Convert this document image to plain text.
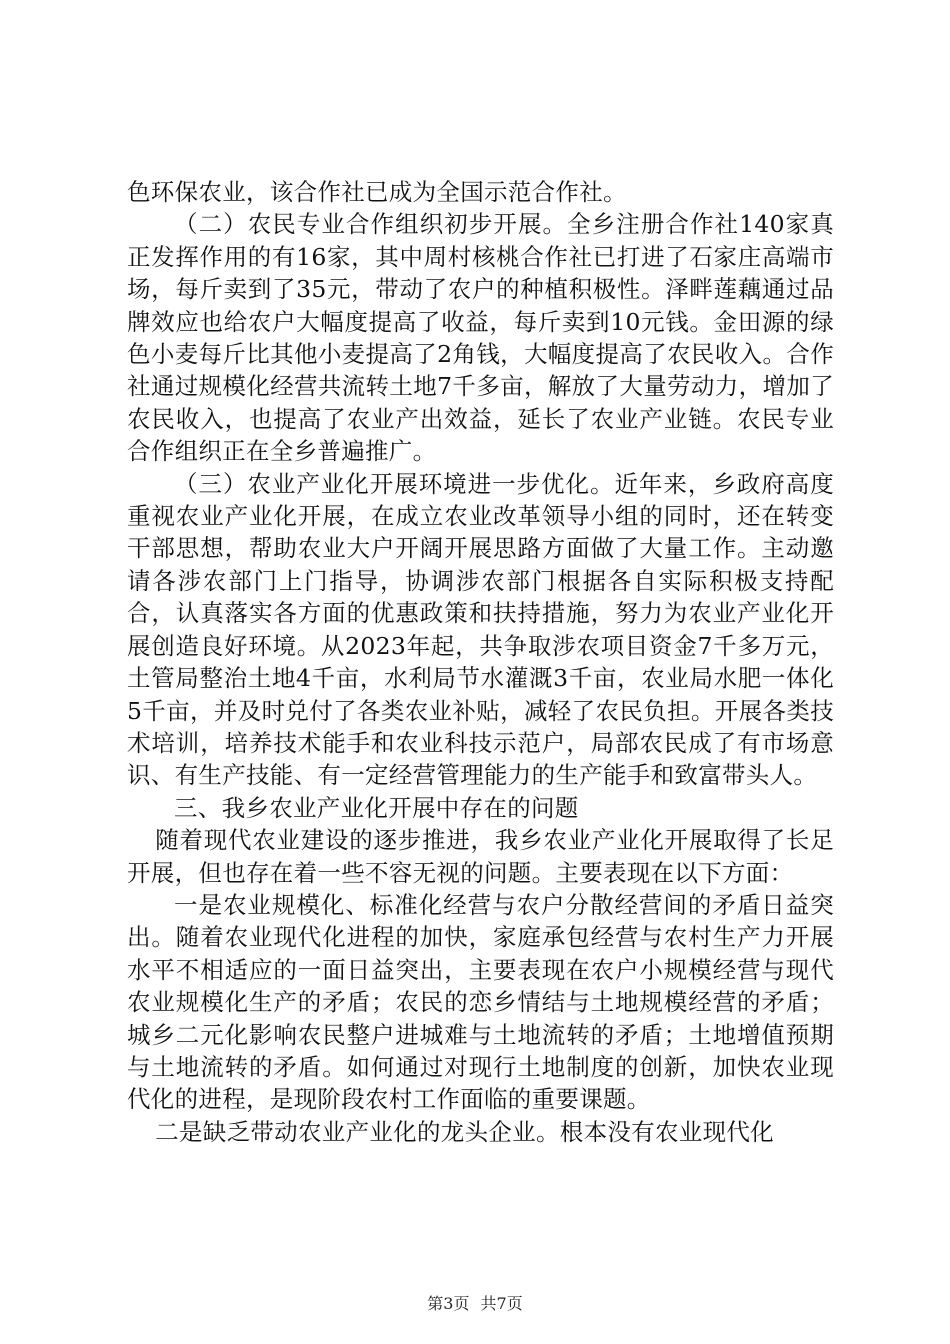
色环保农业，该合作社已成为全国示范合作社。

（二）农民专业合作组织初步开展。全乡注册合作社140家真正发挥作用的有16家，其中周村核桃合作社已打进了石家庄高端市场，每斤卖到了35元，带动了农户的种植积极性。泽畔莲藕通过品牌效应也给农户大幅度提高了收益，每斤卖到10元钱。金田源的绿色小麦每斤比其他小麦提高了2角钱，大幅度提高了农民收入。合作社通过规模化经营共流转土地7千多亩，解放了大量劳动力，增加了农民收入，也提高了农业产出效益，延长了农业产业链。农民专业合作组织正在全乡普遍推广。

（三）农业产业化开展环境进一步优化。近年来，乡政府高度重视农业产业化开展，在成立农业改革领导小组的同时，还在转变干部思想，帮助农业大户开阔开展思路方面做了大量工作。主动邀请各涉农部门上门指导，协调涉农部门根据各自实际积极支持配合，认真落实各方面的优惠政策和扶持措施，努力为农业产业化开展创造良好环境。从2023年起，共争取涉农项目资金7千多万元，土管局整治土地4千亩，水利局节水灌溉3千亩，农业局水肥一体化5千亩，并及时兑付了各类农业补贴，减轻了农民负担。开展各类技术培训，培养技术能手和农业科技示范户，局部农民成了有市场意识、有生产技能、有一定经营管理能力的生产能手和致富带头人。

三、我乡农业产业化开展中存在的问题

随着现代农业建设的逐步推进，我乡农业产业化开展取得了长足开展，但也存在着一些不容无视的问题。主要表现在以下方面：

一是农业规模化、标准化经营与农户分散经营间的矛盾日益突出。随着农业现代化进程的加快，家庭承包经营与农村生产力开展水平不相适应的一面日益突出，主要表现在农户小规模经营与现代农业规模化生产的矛盾；农民的恋乡情结与土地规模经营的矛盾；城乡二元化影响农民整户进城难与土地流转的矛盾；土地增值预期与土地流转的矛盾。如何通过对现行土地制度的创新，加快农业现代化的进程，是现阶段农村工作面临的重要课题。

二是缺乏带动农业产业化的龙头企业。根本没有农业现代化

第3页 共7页
